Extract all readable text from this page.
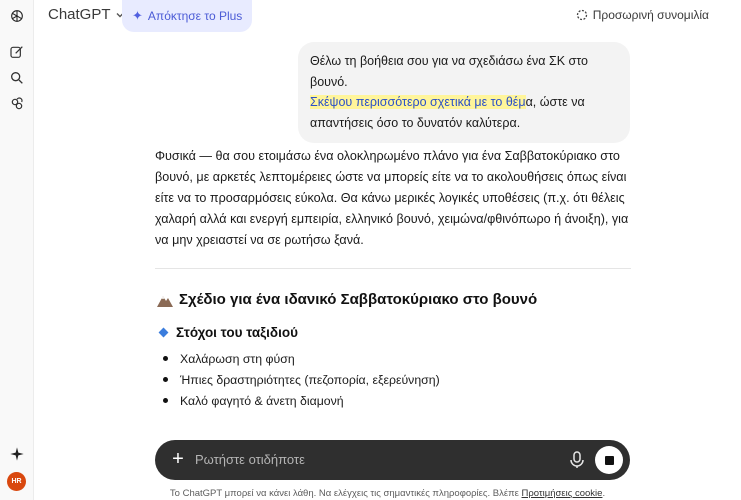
HR
ChatGPT ✦ Απόκτησε το Plus	Προσωρινή συνομιλία
Θέλω τη βοήθεια σου για να σχεδιάσω ένα ΣΚ στο βουνό.
Σκέψου περισσότερο σχετικά με το θέμα, ώστε να απαντήσεις όσο το δυνατόν καλύτερα.
Φυσικά — θα σου ετοιμάσω ένα ολοκληρωμένο πλάνο για ένα Σαββατοκύριακο στο βουνό, με αρκετές λεπτομέρειες ώστε να μπορείς είτε να το ακολουθήσεις όπως είναι είτε να το προσαρμόσεις εύκολα. Θα κάνω μερικές λογικές υποθέσεις (π.χ. ότι θέλεις χαλαρή αλλά και ενεργή εμπειρία, ελληνικό βουνό, χειμώνα/φθινόπωρο ή άνοιξη), για να μην χρειαστεί να σε ρωτήσω ξανά.
Σχέδιο για ένα ιδανικό Σαββατοκύριακο στο βουνό
Στόχοι του ταξιδιού
Χαλάρωση στη φύση
Ήπιες δραστηριότητες (πεζοπορία, εξερεύνηση)
Καλό φαγητό & άνετη διαμονή
+ Ρωτήστε οτιδήποτε
Το ChatGPT μπορεί να κάνει λάθη. Να ελέγχεις τις σημαντικές πληροφορίες. Βλέπε Προτιμήσεις cookie.
